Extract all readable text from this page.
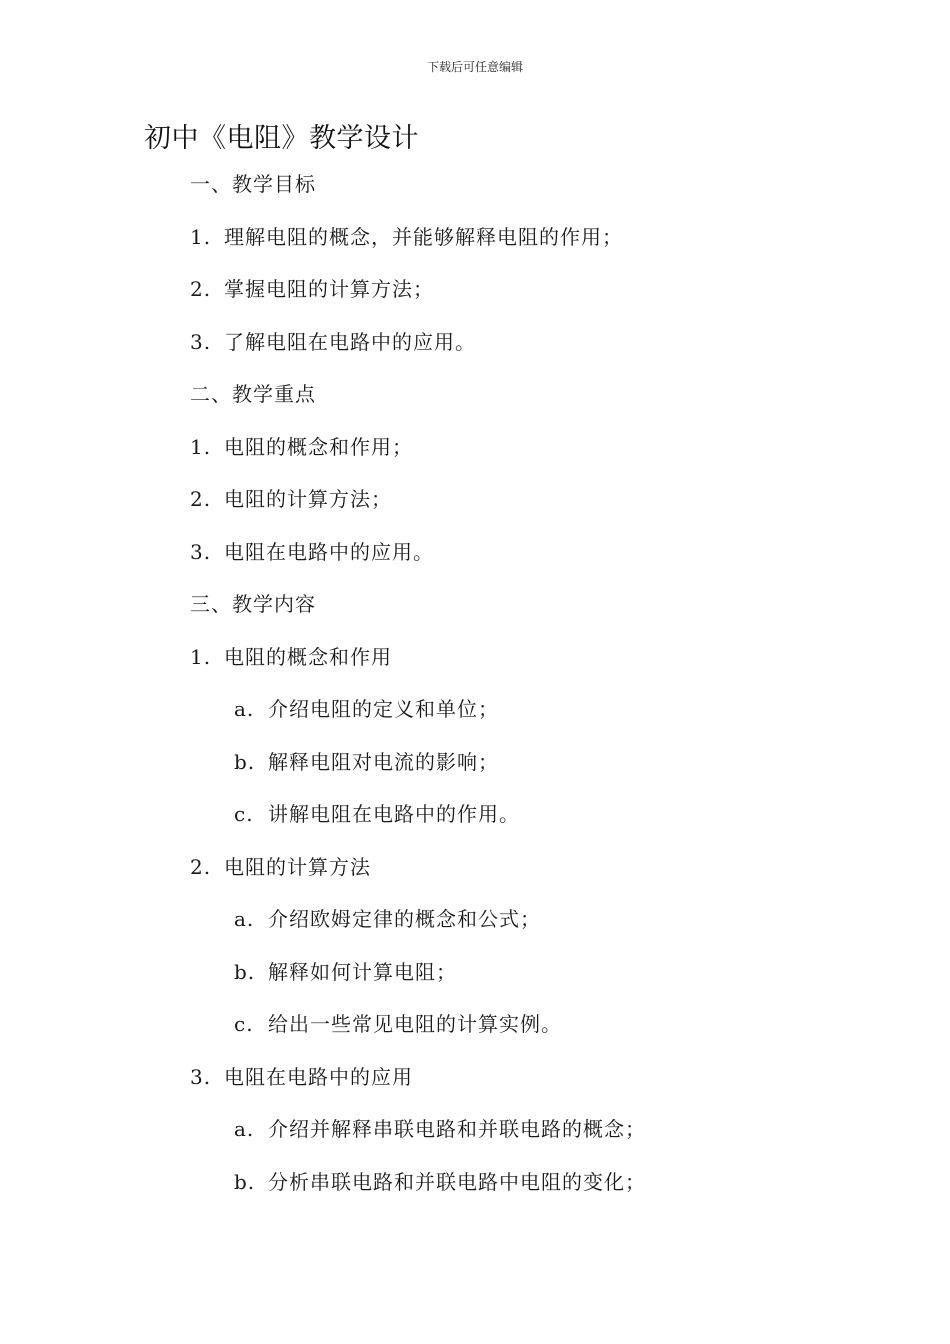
下载后可任意编辑
初中《电阻》教学设计
一、教学目标
1. 理解电阻的概念，并能够解释电阻的作用；
2. 掌握电阻的计算方法；
3. 了解电阻在电路中的应用。
二、教学重点
1. 电阻的概念和作用；
2. 电阻的计算方法；
3. 电阻在电路中的应用。
三、教学内容
1. 电阻的概念和作用
a. 介绍电阻的定义和单位；
b. 解释电阻对电流的影响；
c. 讲解电阻在电路中的作用。
2. 电阻的计算方法
a. 介绍欧姆定律的概念和公式；
b. 解释如何计算电阻；
c. 给出一些常见电阻的计算实例。
3. 电阻在电路中的应用
a. 介绍并解释串联电路和并联电路的概念；
b. 分析串联电路和并联电路中电阻的变化；
